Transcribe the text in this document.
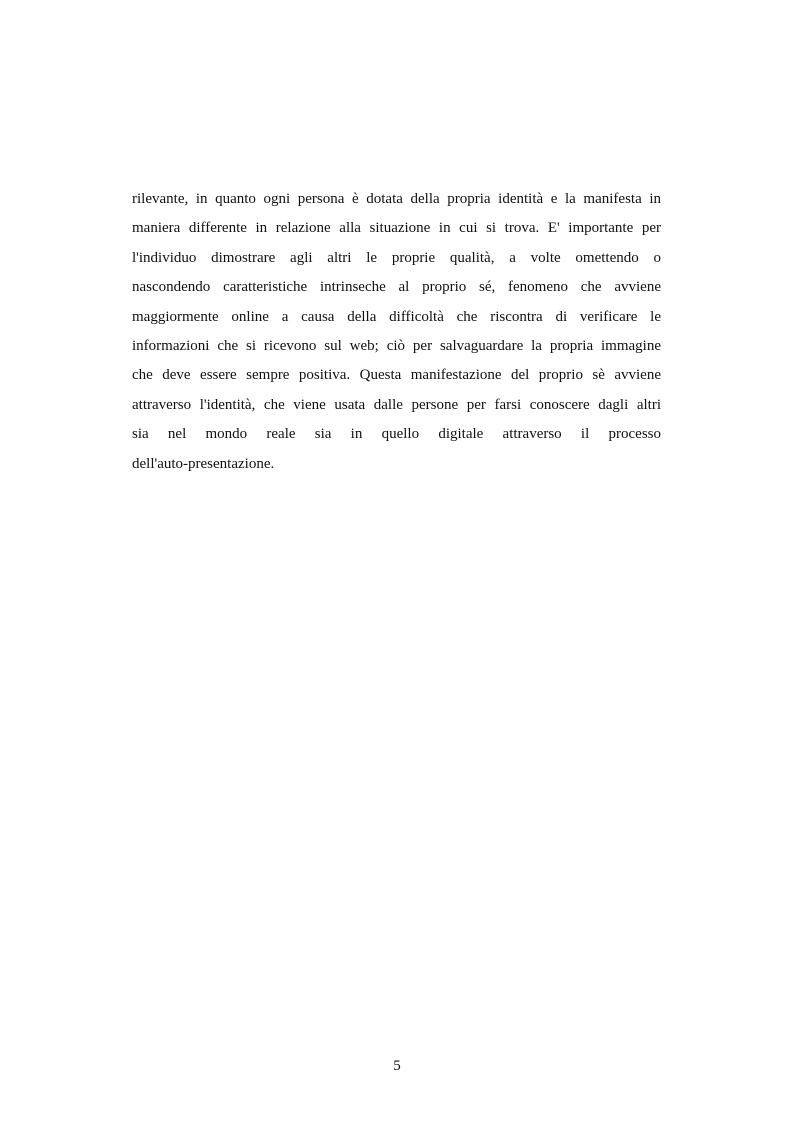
rilevante, in quanto ogni persona è dotata della propria identità e la manifesta in
maniera differente in relazione alla situazione in cui si trova. E' importante per
l'individuo dimostrare agli altri le proprie qualità, a volte omettendo o
nascondendo caratteristiche intrinseche al proprio sé, fenomeno che avviene
maggiormente online a causa della difficoltà che riscontra di verificare le
informazioni che si ricevono sul web; ciò per salvaguardare la propria immagine
che deve essere sempre positiva. Questa manifestazione del proprio sè avviene
attraverso l'identità, che viene usata dalle persone per farsi conoscere dagli altri
sia nel mondo reale sia in quello digitale attraverso il processo
dell'auto-presentazione.

5
